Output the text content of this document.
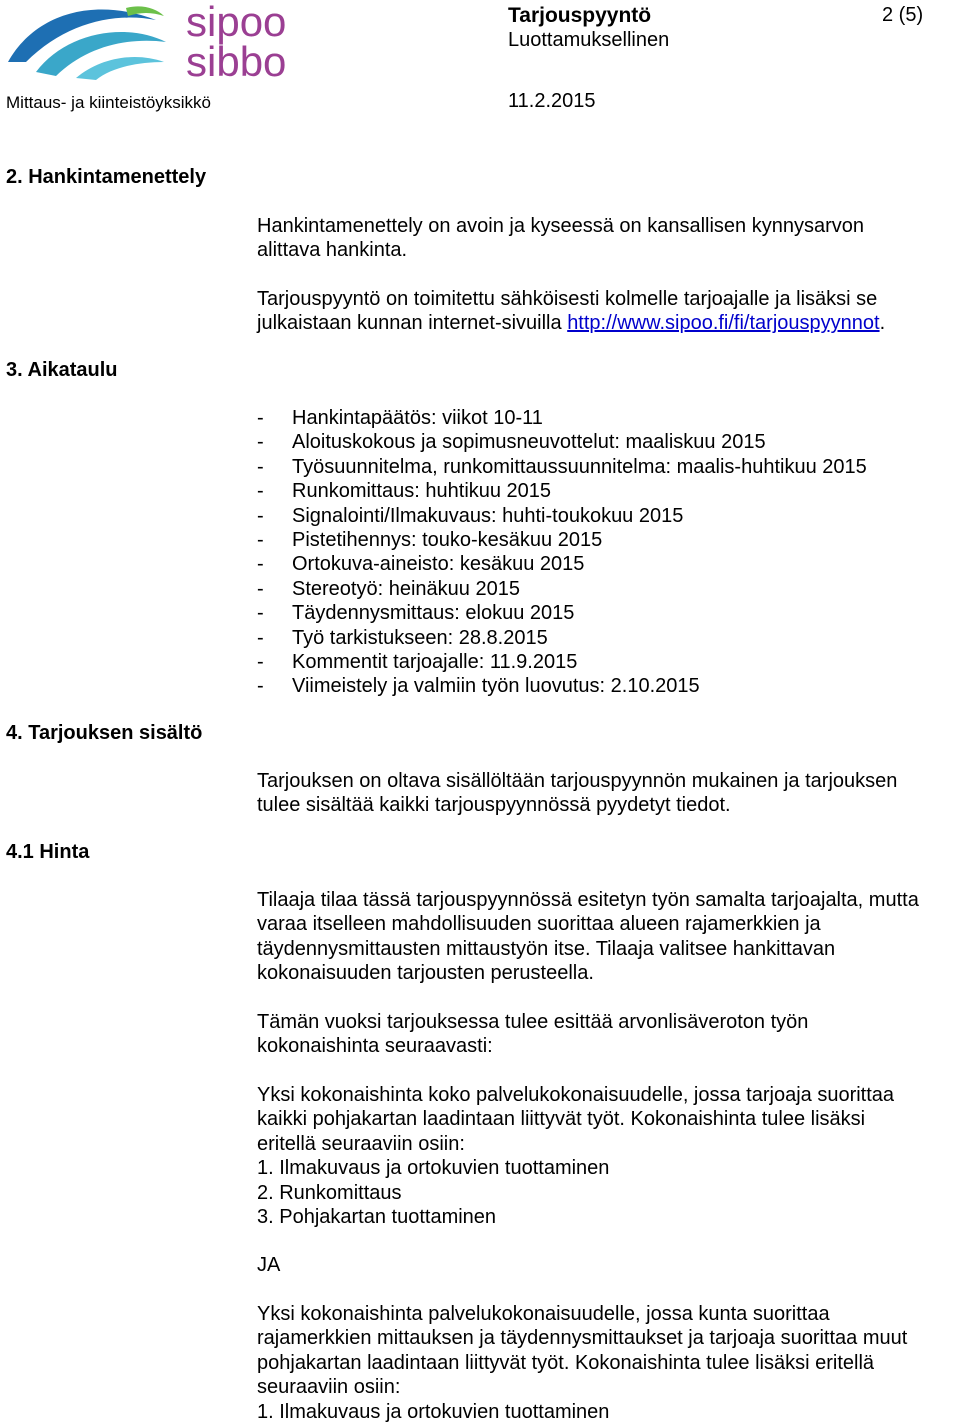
sipoo
sibbo
Tarjouspyyntö
Luottamuksellinen
2 (5)
Mittaus- ja kiinteistöyksikkö	11.2.2015
2. Hankintamenettely

Hankintamenettely on avoin ja kyseessä on kansallisen kynnysarvon
alittava hankinta.

Tarjouspyyntö on toimitettu sähköisesti kolmelle tarjoajalle ja lisäksi se
julkaistaan kunnan internet-sivuilla http://www.sipoo.fi/fi/tarjouspyynnot.

3. Aikataulu
- Hankintapäätös: viikot 10-11
- Aloituskokous ja sopimusneuvottelut: maaliskuu 2015
- Työsuunnitelma, runkomittaussuunnitelma: maalis-huhtikuu 2015
- Runkomittaus: huhtikuu 2015
- Signalointi/Ilmakuvaus: huhti-toukokuu 2015
- Pistetihennys: touko-kesäkuu 2015
- Ortokuva-aineisto: kesäkuu 2015
- Stereotyö: heinäkuu 2015
- Täydennysmittaus: elokuu 2015
- Työ tarkistukseen: 28.8.2015
- Kommentit tarjoajalle: 11.9.2015
- Viimeistely ja valmiin työn luovutus: 2.10.2015
4. Tarjouksen sisältö

Tarjouksen on oltava sisällöltään tarjouspyynnön mukainen ja tarjouksen
tulee sisältää kaikki tarjouspyynnössä pyydetyt tiedot.

4.1 Hinta

Tilaaja tilaa tässä tarjouspyynnössä esitetyn työn samalta tarjoajalta, mutta
varaa itselleen mahdollisuuden suorittaa alueen rajamerkkien ja
täydennysmittausten mittaustyön itse. Tilaaja valitsee hankittavan
kokonaisuuden tarjousten perusteella.

Tämän vuoksi tarjouksessa tulee esittää arvonlisäveroton työn
kokonaishinta seuraavasti:

Yksi kokonaishinta koko palvelukokonaisuudelle, jossa tarjoaja suorittaa
kaikki pohjakartan laadintaan liittyvät työt. Kokonaishinta tulee lisäksi
eritellä seuraaviin osiin:
1. Ilmakuvaus ja ortokuvien tuottaminen
2. Runkomittaus
3. Pohjakartan tuottaminen

JA

Yksi kokonaishinta palvelukokonaisuudelle, jossa kunta suorittaa
rajamerkkien mittauksen ja täydennysmittaukset ja tarjoaja suorittaa muut
pohjakartan laadintaan liittyvät työt. Kokonaishinta tulee lisäksi eritellä
seuraaviin osiin:
1. Ilmakuvaus ja ortokuvien tuottaminen
